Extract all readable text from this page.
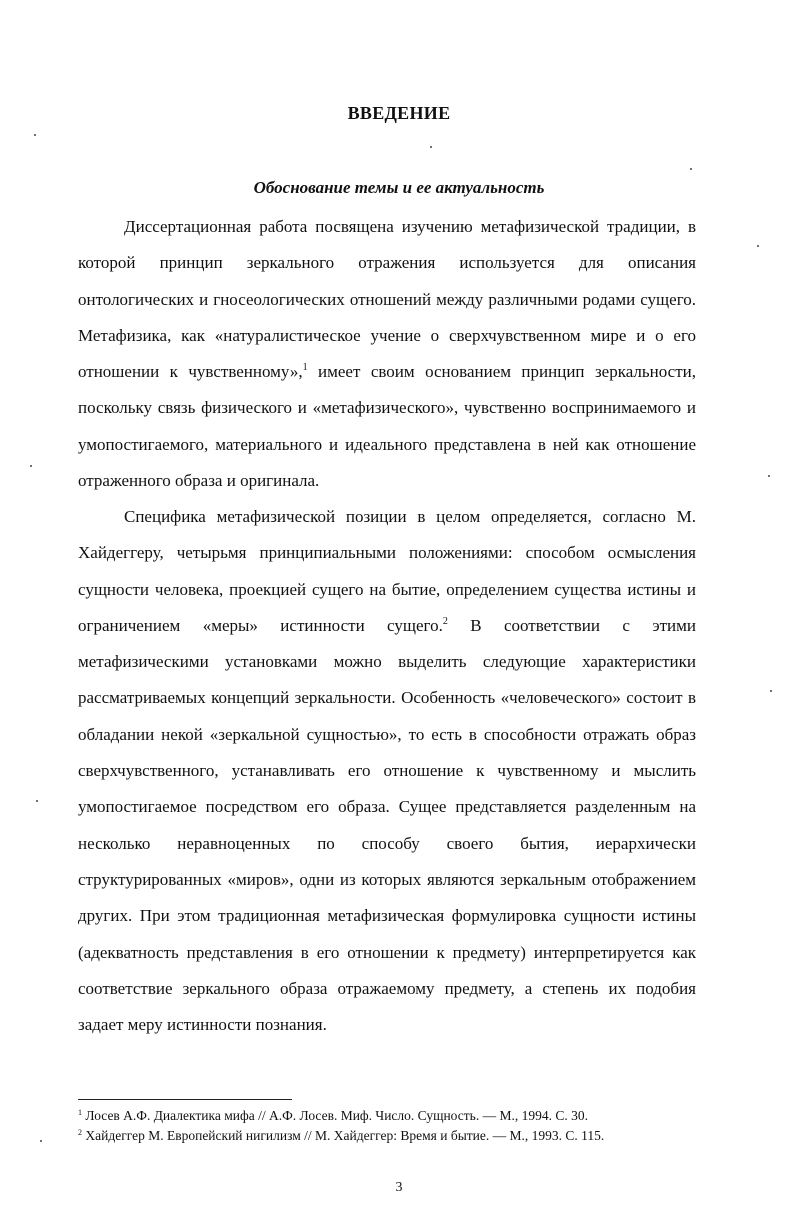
ВВЕДЕНИЕ
Обоснование темы и ее актуальность

Диссертационная работа посвящена изучению метафизической традиции, в которой принцип зеркального отражения используется для описания онтологических и гносеологических отношений между различными родами сущего. Метафизика, как «натуралистическое учение о сверхчувственном мире и о его отношении к чувственному»,$^1$ имеет своим основанием принцип зеркальности, поскольку связь физического и «метафизического», чувственно воспринимаемого и умопостигаемого, материального и идеального представлена в ней как отношение отраженного образа и оригинала.

Специфика метафизической позиции в целом определяется, согласно М. Хайдеггеру, четырьмя принципиальными положениями: способом осмысления сущности человека, проекцией сущего на бытие, определением существа истины и ограничением «меры» истинности сущего.$^2$ В соответствии с этими метафизическими установками можно выделить следующие характеристики рассматриваемых концепций зеркальности. Особенность «человеческого» состоит в обладании некой «зеркальной сущностью», то есть в способности отражать образ сверхчувственного, устанавливать его отношение к чувственному и мыслить умопостигаемое посредством его образа. Сущее представляется разделенным на несколько неравноценных по способу своего бытия, иерархически структурированных «миров», одни из которых являются зеркальным отображением других. При этом традиционная метафизическая формулировка сущности истины (адекватность представления в его отношении к предмету) интерпретируется как соответствие зеркального образа отражаемому предмету, а степень их подобия задает меру истинности познания.

$^1$ Лосев А.Ф. Диалектика мифа // А.Ф. Лосев. Миф. Число. Сущность. — М., 1994. С. 30.
$^2$ Хайдеггер М. Европейский нигилизм // М. Хайдеггер: Время и бытие. — М., 1993. С. 115.
3
